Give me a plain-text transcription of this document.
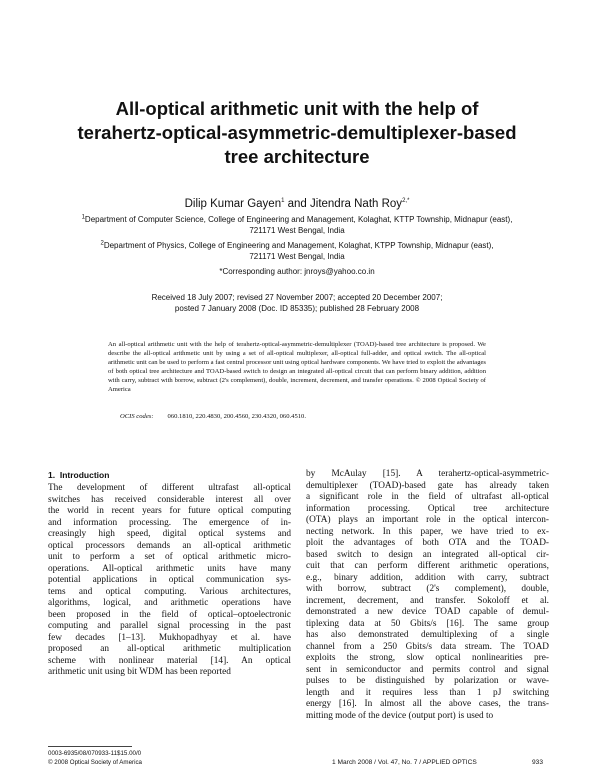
All-optical arithmetic unit with the help of
terahertz-optical-asymmetric-demultiplexer-based
tree architecture
Dilip Kumar Gayen$^1$ and Jitendra Nath Roy$^{2,*}$
$^1$Department of Computer Science, College of Engineering and Management, Kolaghat, KTTP Township, Midnapur (east),
721171 West Bengal, India
$^2$Department of Physics, College of Engineering and Management, Kolaghat, KTPP Township, Midnapur (east),
721171 West Bengal, India
*Corresponding author: jnroys@yahoo.co.in
Received 18 July 2007; revised 27 November 2007; accepted 20 December 2007;
posted 7 January 2008 (Doc. ID 85335); published 28 February 2008
An all-optical arithmetic unit with the help of terahertz-optical-asymmetric-demultiplexer (TOAD)-based tree architecture is proposed. We describe the all-optical arithmetic unit by using a set of all-optical multiplexer, all-optical full-adder, and optical switch. The all-optical arithmetic unit can be used to perform a fast central processor unit using optical hardware components. We have tried to exploit the advantages of both optical tree architecture and TOAD-based switch to design an integrated all-optical circuit that can perform binary addition, addition with carry, subtract with borrow, subtract (2's complement), double, increment, decrement, and transfer operations. © 2008 Optical Society of America
OCIS codes: 060.1810, 220.4830, 200.4560, 230.4320, 060.4510.
1. Introduction
The development of different ultrafast all-optical
switches has received considerable interest all over
the world in recent years for future optical computing
and information processing. The emergence of in-
creasingly high speed, digital optical systems and
optical processors demands an all-optical arithmetic
unit to perform a set of optical arithmetic micro-
operations. All-optical arithmetic units have many
potential applications in optical communication sys-
tems and optical computing. Various architectures,
algorithms, logical, and arithmetic operations have
been proposed in the field of optical–optoelectronic
computing and parallel signal processing in the past
few decades [1–13]. Mukhopadhyay et al. have
proposed an all-optical arithmetic multiplication
scheme with nonlinear material [14]. An optical
arithmetic unit using bit WDM has been reported
by McAulay [15]. A terahertz-optical-asymmetric-
demultiplexer (TOAD)-based gate has already taken
a significant role in the field of ultrafast all-optical
information processing. Optical tree architecture
(OTA) plays an important role in the optical intercon-
necting network. In this paper, we have tried to ex-
ploit the advantages of both OTA and the TOAD-
based switch to design an integrated all-optical cir-
cuit that can perform different arithmetic operations,
e.g., binary addition, addition with carry, subtract
with borrow, subtract (2's complement), double,
increment, decrement, and transfer. Sokoloff et al.
demonstrated a new device TOAD capable of demul-
tiplexing data at 50 Gbits/s [16]. The same group
has also demonstrated demultiplexing of a single
channel from a 250 Gbits/s data stream. The TOAD
exploits the strong, slow optical nonlinearities pre-
sent in semiconductor and permits control and signal
pulses to be distinguished by polarization or wave-
length and it requires less than 1 pJ switching
energy [16]. In almost all the above cases, the trans-
mitting mode of the device (output port) is used to
0003-6935/08/070933-11$15.00/0
© 2008 Optical Society of America	1 March 2008 / Vol. 47, No. 7 / APPLIED OPTICS	933
